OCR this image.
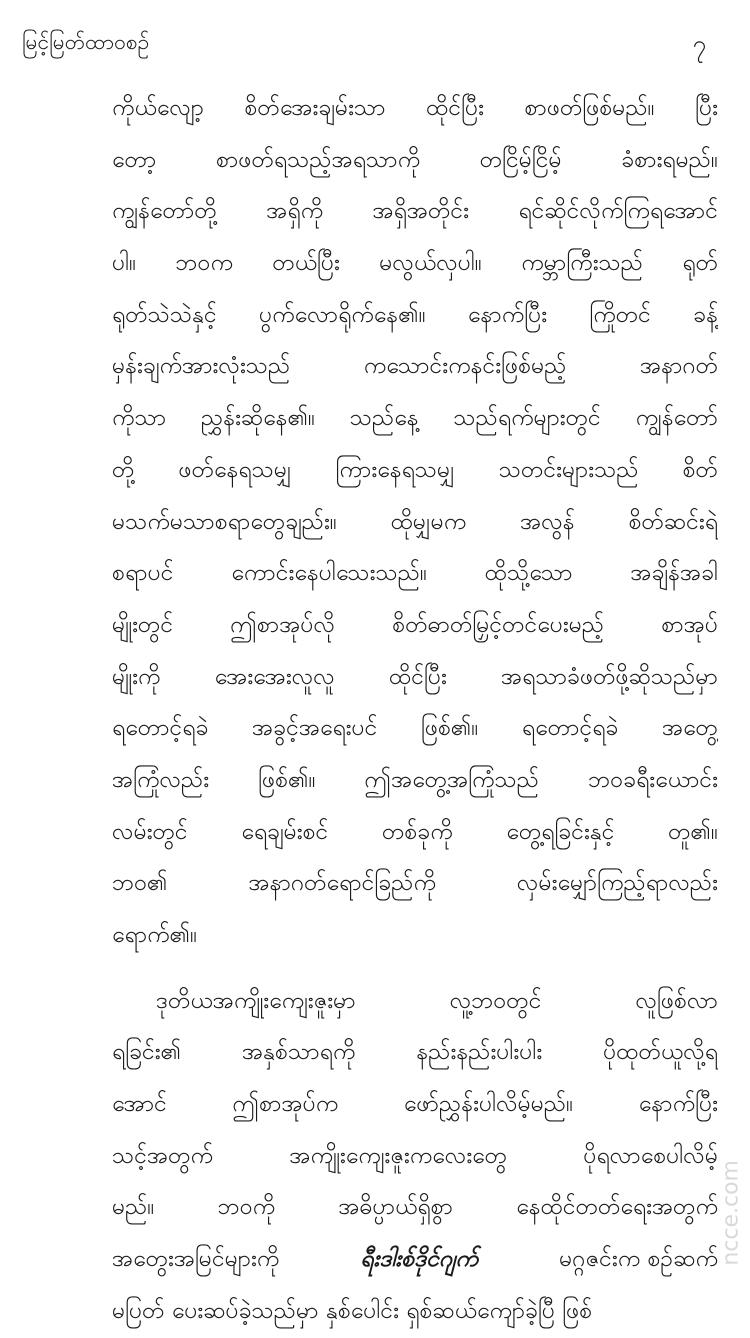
မြင့်မြတ်ထာဝစဉ်	၇
ကိုယ်လျော့ စိတ်အေးချမ်းသာ ထိုင်ပြီး စာဖတ်ဖြစ်မည်။ ပြီး
တော့	စာဖတ်ရသည့်အရသာကို	တငြိမ့်ငြိမ့်	ခံစားရမည်။
ကျွန်တော်တို့ အရှိကို အရှိအတိုင်း ရင်ဆိုင်လိုက်ကြရအောင်
ပါ။ ဘဝက တယ်ပြီး မလွယ်လှပါ။ ကမ္ဘာကြီးသည် ရုတ်
ရုတ်သဲသဲနှင့် ပွက်လောရိုက်နေ၏။ နောက်ပြီး ကြိုတင် ခန့်
မှန်းချက်အားလုံးသည်	ကသောင်းကနင်းဖြစ်မည့်	အနာဂတ်
ကိုသာ ညွှန်းဆိုနေ၏။ သည်နေ့ သည်ရက်များတွင် ကျွန်တော်
တို့ ဖတ်နေရသမျှ ကြားနေရသမျှ သတင်းများသည် စိတ်
မသက်မသာစရာတွေချည်း။ ထိုမျှမက အလွန် စိတ်ဆင်းရဲ
စရာပင်	ကောင်းနေပါသေးသည်။	ထိုသို့သော	အချိန်အခါ
မျိုးတွင် ဤစာအုပ်လို စိတ်ဓာတ်မြှင့်တင်ပေးမည့် စာအုပ်
မျိုးကို အေးအေးလူလူ ထိုင်ပြီး အရသာခံဖတ်ဖို့ဆိုသည်မှာ
ရတောင့်ရခဲ အခွင့်အရေးပင် ဖြစ်၏။ ရတောင့်ရခဲ အတွေ့
အကြုံလည်း ဖြစ်၏။ ဤအတွေ့အကြုံသည် ဘဝခရီးယောင်း
လမ်းတွင် ရေချမ်းစင် တစ်ခုကို တွေ့ရခြင်းနှင့် တူ၏။
ဘဝ၏	အနာဂတ်ရောင်ခြည်ကို	လှမ်းမျှော်ကြည့်ရာလည်း
ရောက်၏။
ဒုတိယအကျိုးကျေးဇူးမှာ	လူ့ဘဝတွင်	လူဖြစ်လာ
ရခြင်း၏	အနှစ်သာရကို	နည်းနည်းပါးပါး	ပိုထုတ်ယူလို့ရ
အောင်	ဤစာအုပ်က	ဖော်ညွှန်းပါလိမ့်မည်။	နောက်ပြီး
သင့်အတွက်	အကျိုးကျေးဇူးကလေးတွေ	ပိုရလာစေပါလိမ့်
မည်။	ဘဝကို	အဓိပ္ပာယ်ရှိစွာ	နေထိုင်တတ်ရေးအတွက်
အတွေးအမြင်များကို	ရီးဒါးစ်ဒိုင်ဂျက်	မဂ္ဂဇင်းက စဉ်ဆက်
မပြတ် ပေးဆပ်ခဲ့သည်မှာ နှစ်ပေါင်း ရှစ်ဆယ်ကျော်ခဲ့ပြီ ဖြစ်
ncce.com
